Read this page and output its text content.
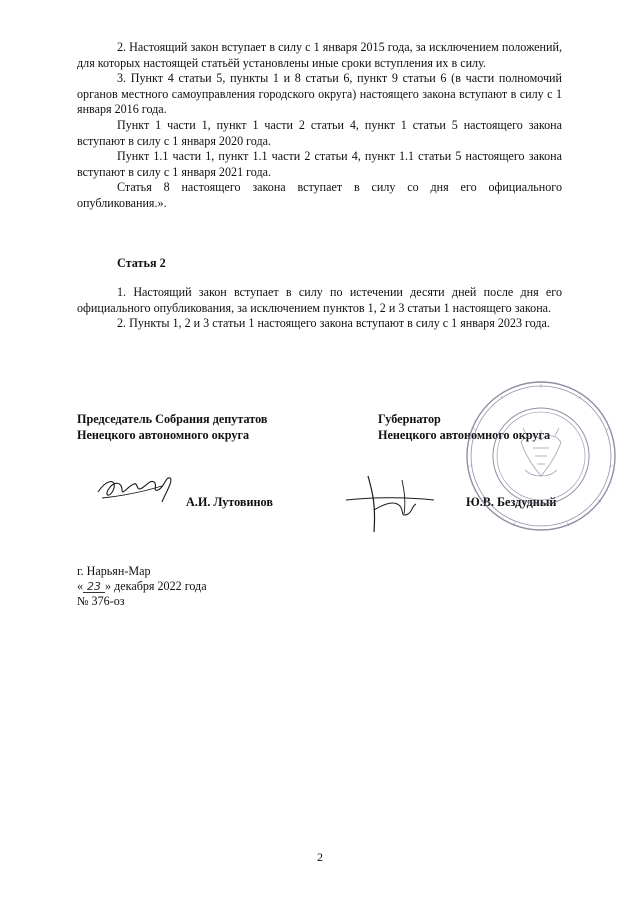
2. Настоящий закон вступает в силу с 1 января 2015 года, за исключением положений, для которых настоящей статьёй установлены иные сроки вступления их в силу.

3. Пункт 4 статьи 5, пункты 1 и 8 статьи 6, пункт 9 статьи 6 (в части полномочий органов местного самоуправления городского округа) настоящего закона вступают в силу с 1 января 2016 года.

Пункт 1 части 1, пункт 1 части 2 статьи 4, пункт 1 статьи 5 настоящего закона вступают в силу с 1 января 2020 года.

Пункт 1.1 части 1, пункт 1.1 части 2 статьи 4, пункт 1.1 статьи 5 настоящего закона вступают в силу с 1 января 2021 года.

Статья 8 настоящего закона вступает в силу со дня его официального опубликования.».

Статья 2

1. Настоящий закон вступает в силу по истечении десяти дней после дня его официального опубликования, за исключением пунктов 1, 2 и 3 статьи 1 настоящего закона.

2. Пункты 1, 2 и 3 статьи 1 настоящего закона вступают в силу с 1 января 2023 года.

Председатель Собрания депутатов
Ненецкого автономного округа
А.И. Лутовинов
Губернатор
Ненецкого автономного округа
Ю.В. Бездудный
г. Нарьян-Мар
« 23 » декабря 2022 года
№ 376-оз
2
